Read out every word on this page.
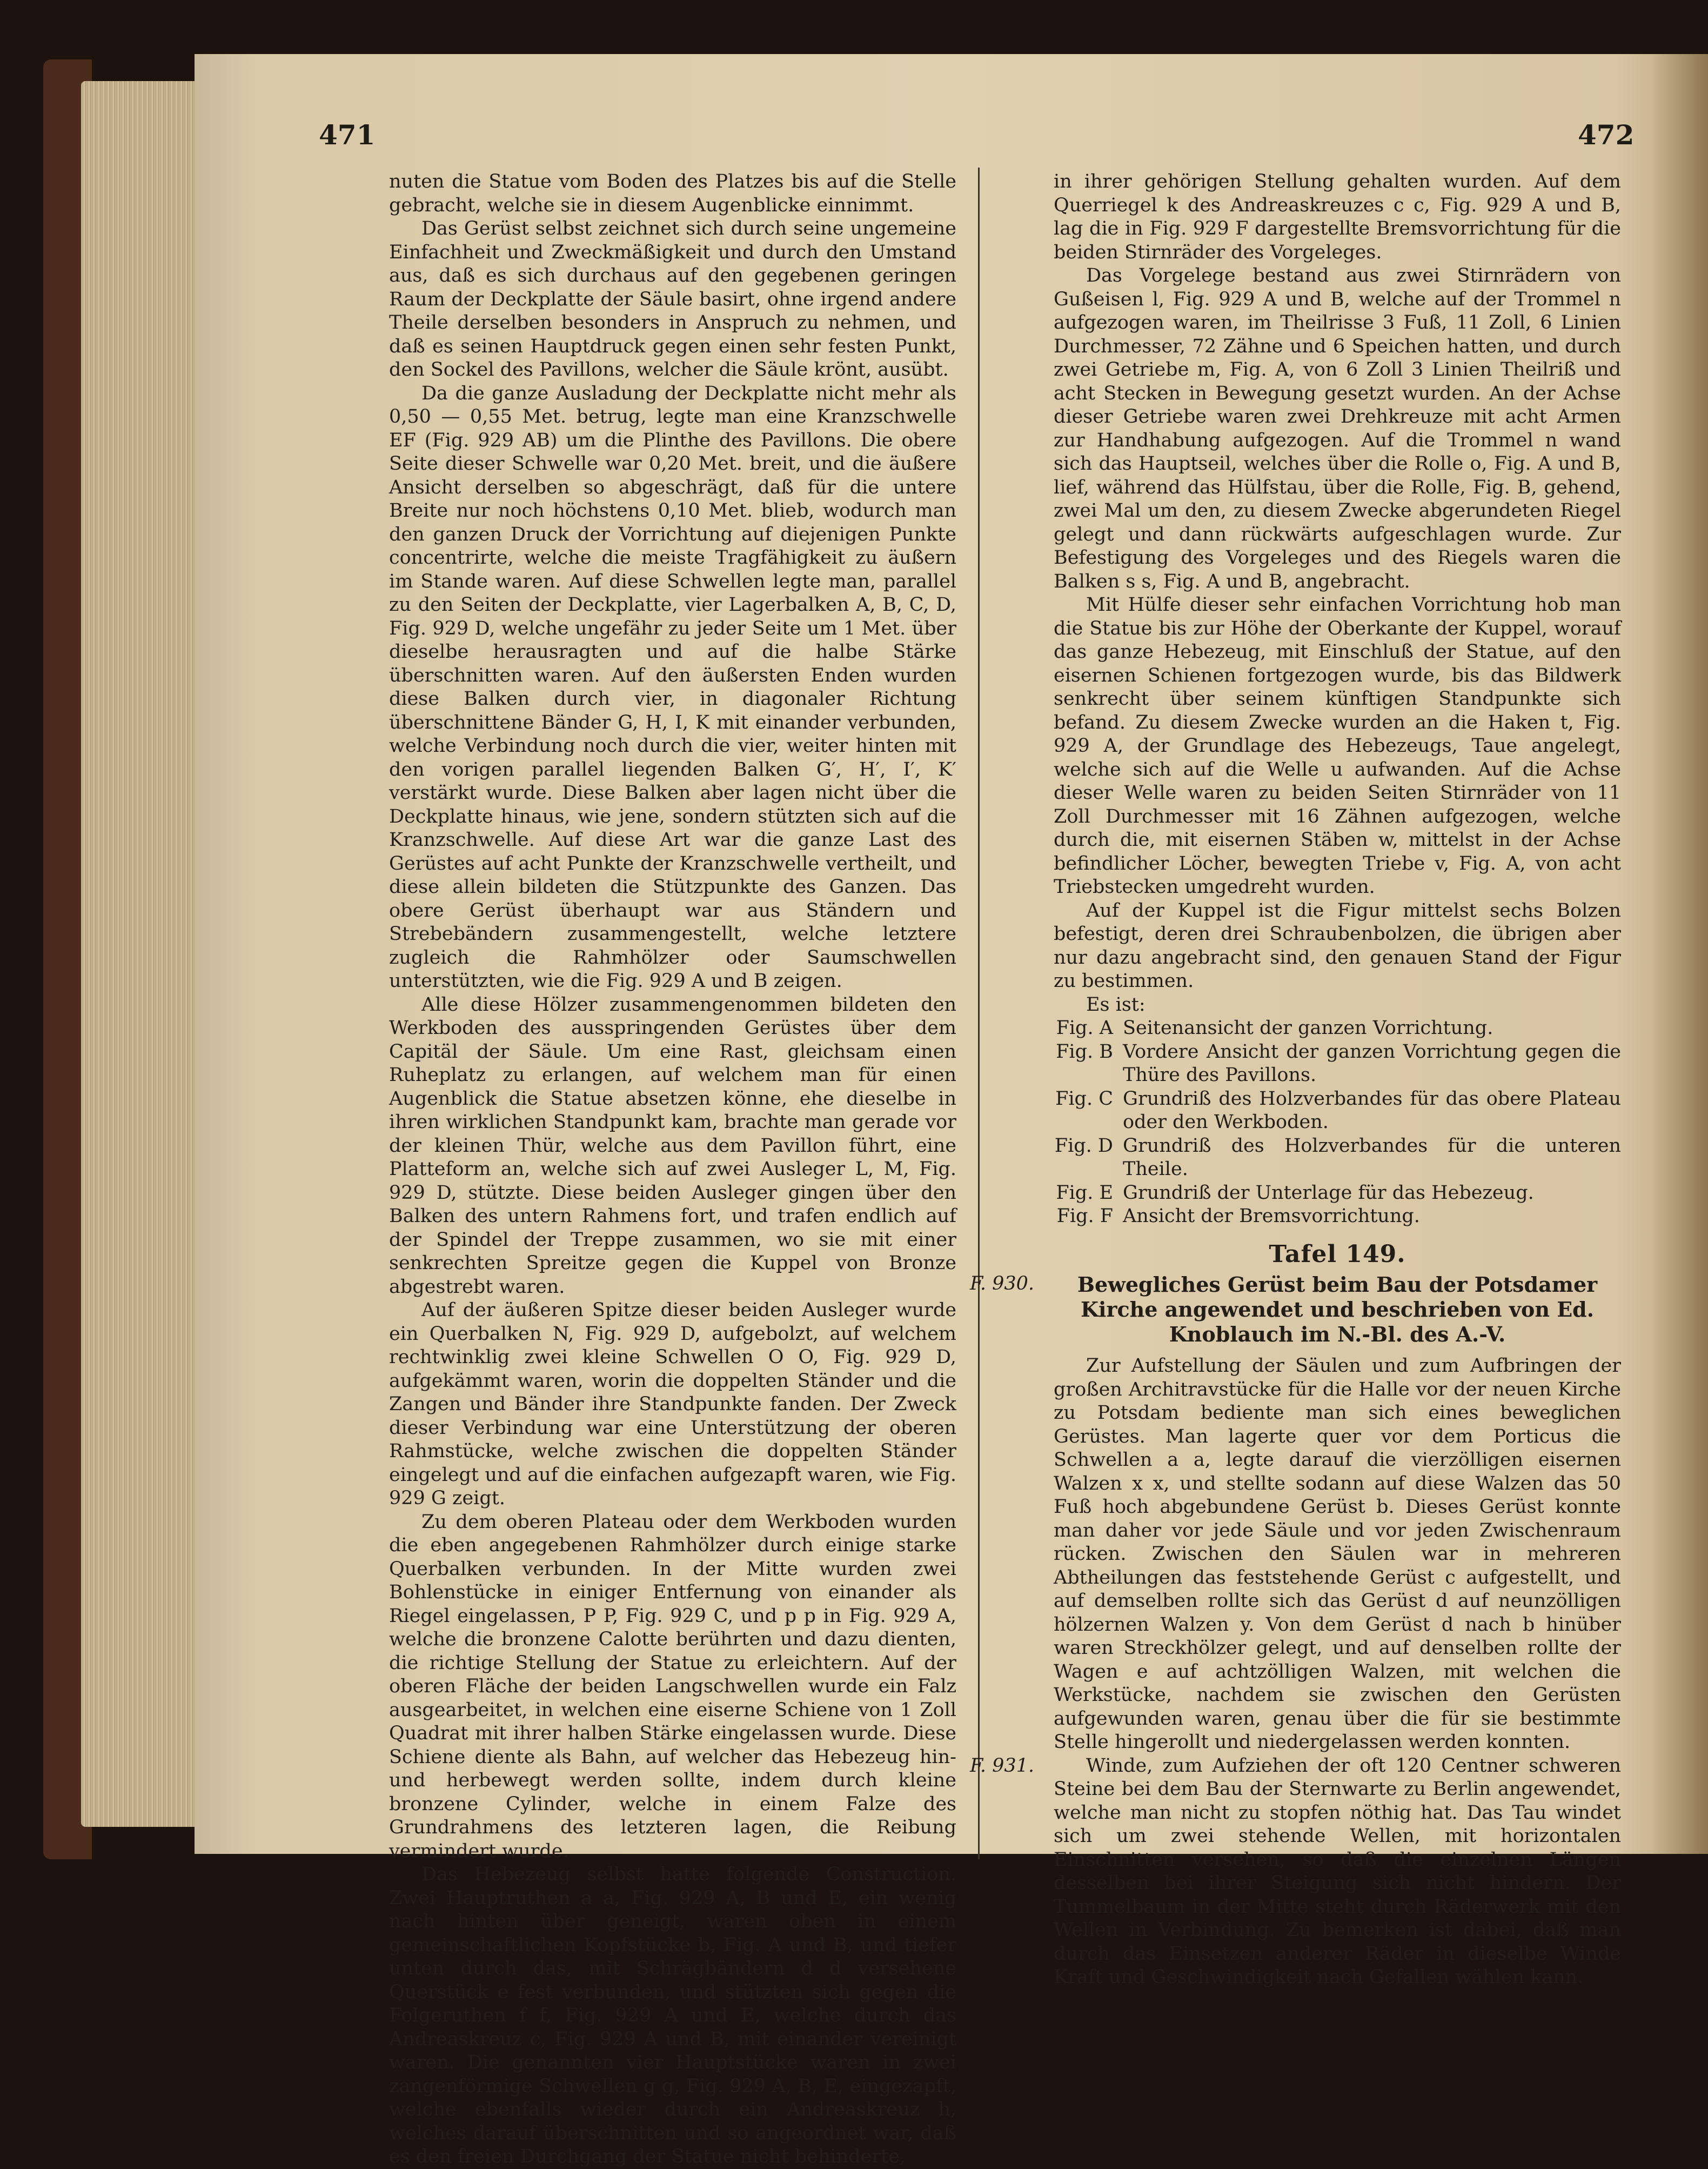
471	472

nuten die Statue vom Boden des Platzes bis auf die Stelle gebracht, welche sie in diesem Augenblicke einnimmt.

Das Gerüst selbst zeichnet sich durch seine ungemeine Einfachheit und Zweckmäßigkeit und durch den Umstand aus, daß es sich durchaus auf den gegebenen geringen Raum der Deckplatte der Säule basirt, ohne irgend andere Theile derselben besonders in Anspruch zu nehmen, und daß es seinen Hauptdruck gegen einen sehr festen Punkt, den Sockel des Pavillons, welcher die Säule krönt, ausübt.

Da die ganze Ausladung der Deckplatte nicht mehr als 0,50 — 0,55 Met. betrug, legte man eine Kranzschwelle EF (Fig. 929 AB) um die Plinthe des Pavillons. Die obere Seite dieser Schwelle war 0,20 Met. breit, und die äußere Ansicht derselben so abgeschrägt, daß für die untere Breite nur noch höchstens 0,10 Met. blieb, wodurch man den ganzen Druck der Vorrichtung auf diejenigen Punkte concentrirte, welche die meiste Tragfähigkeit zu äußern im Stande waren. Auf diese Schwellen legte man, parallel zu den Seiten der Deckplatte, vier Lagerbalken A, B, C, D, Fig. 929 D, welche ungefähr zu jeder Seite um 1 Met. über dieselbe herausragten und auf die halbe Stärke überschnitten waren. Auf den äußersten Enden wurden diese Balken durch vier, in diagonaler Richtung überschnittene Bänder G, H, I, K mit einander verbunden, welche Verbindung noch durch die vier, weiter hinten mit den vorigen parallel liegenden Balken G′, H′, I′, K′ verstärkt wurde. Diese Balken aber lagen nicht über die Deckplatte hinaus, wie jene, sondern stützten sich auf die Kranzschwelle. Auf diese Art war die ganze Last des Gerüstes auf acht Punkte der Kranzschwelle vertheilt, und diese allein bildeten die Stützpunkte des Ganzen. Das obere Gerüst überhaupt war aus Ständern und Strebebändern zusammengestellt, welche letztere zugleich die Rahmhölzer oder Saumschwellen unterstützten, wie die Fig. 929 A und B zeigen.

Alle diese Hölzer zusammengenommen bildeten den Werkboden des ausspringenden Gerüstes über dem Capitäl der Säule. Um eine Rast, gleichsam einen Ruheplatz zu erlangen, auf welchem man für einen Augenblick die Statue absetzen könne, ehe dieselbe in ihren wirklichen Standpunkt kam, brachte man gerade vor der kleinen Thür, welche aus dem Pavillon führt, eine Platteform an, welche sich auf zwei Ausleger L, M, Fig. 929 D, stützte. Diese beiden Ausleger gingen über den Balken des untern Rahmens fort, und trafen endlich auf der Spindel der Treppe zusammen, wo sie mit einer senkrechten Spreitze gegen die Kuppel von Bronze abgestrebt waren.

Auf der äußeren Spitze dieser beiden Ausleger wurde ein Querbalken N, Fig. 929 D, aufgebolzt, auf welchem rechtwinklig zwei kleine Schwellen O O, Fig. 929 D, aufgekämmt waren, worin die doppelten Ständer und die Zangen und Bänder ihre Standpunkte fanden. Der Zweck dieser Verbindung war eine Unterstützung der oberen Rahmstücke, welche zwischen die doppelten Ständer eingelegt und auf die einfachen aufgezapft waren, wie Fig. 929 G zeigt.

Zu dem oberen Plateau oder dem Werkboden wurden die eben angegebenen Rahmhölzer durch einige starke Querbalken verbunden. In der Mitte wurden zwei Bohlenstücke in einiger Entfernung von einander als Riegel eingelassen, P P, Fig. 929 C, und p p in Fig. 929 A, welche die bronzene Calotte berührten und dazu dienten, die richtige Stellung der Statue zu erleichtern. Auf der oberen Fläche der beiden Langschwellen wurde ein Falz ausgearbeitet, in welchen eine eiserne Schiene von 1 Zoll Quadrat mit ihrer halben Stärke eingelassen wurde. Diese Schiene diente als Bahn, auf welcher das Hebezeug hin- und herbewegt werden sollte, indem durch kleine bronzene Cylinder, welche in einem Falze des Grundrahmens des letzteren lagen, die Reibung vermindert wurde.

Das Hebezeug selbst hatte folgende Construction. Zwei Hauptruthen a a, Fig. 929 A, B und E, ein wenig nach hinten über geneigt, waren oben in einem gemeinschaftlichen Kopfstücke b, Fig. A und B, und tiefer unten durch das, mit Schrägbändern d d versehene Querstück e fest verbunden, und stützten sich gegen die Folgeruthen f f, Fig. 929 A und E, welche durch das Andreaskreuz c, Fig. 929 A und B, mit einander vereinigt waren. Die genannten vier Hauptstücke waren in zwei zangenförmige Schwellen g g, Fig. 929 A, B, E, eingezapft, welche ebenfalls wieder durch ein Andreaskreuz h, welches darauf überschnitten und so angeordnet war, daß es den freien Durchgang der Statue nicht behinderte,

in ihrer gehörigen Stellung gehalten wurden. Auf dem Querriegel k des Andreaskreuzes c c, Fig. 929 A und B, lag die in Fig. 929 F dargestellte Bremsvorrichtung für die beiden Stirnräder des Vorgeleges.

Das Vorgelege bestand aus zwei Stirnrädern von Gußeisen l, Fig. 929 A und B, welche auf der Trommel n aufgezogen waren, im Theilrisse 3 Fuß, 11 Zoll, 6 Linien Durchmesser, 72 Zähne und 6 Speichen hatten, und durch zwei Getriebe m, Fig. A, von 6 Zoll 3 Linien Theilriß und acht Stecken in Bewegung gesetzt wurden. An der Achse dieser Getriebe waren zwei Drehkreuze mit acht Armen zur Handhabung aufgezogen. Auf die Trommel n wand sich das Hauptseil, welches über die Rolle o, Fig. A und B, lief, während das Hülfstau, über die Rolle, Fig. B, gehend, zwei Mal um den, zu diesem Zwecke abgerundeten Riegel gelegt und dann rückwärts aufgeschlagen wurde. Zur Befestigung des Vorgeleges und des Riegels waren die Balken s s, Fig. A und B, angebracht.

Mit Hülfe dieser sehr einfachen Vorrichtung hob man die Statue bis zur Höhe der Oberkante der Kuppel, worauf das ganze Hebezeug, mit Einschluß der Statue, auf den eisernen Schienen fortgezogen wurde, bis das Bildwerk senkrecht über seinem künftigen Standpunkte sich befand. Zu diesem Zwecke wurden an die Haken t, Fig. 929 A, der Grundlage des Hebezeugs, Taue angelegt, welche sich auf die Welle u aufwanden. Auf die Achse dieser Welle waren zu beiden Seiten Stirnräder von 11 Zoll Durchmesser mit 16 Zähnen aufgezogen, welche durch die, mit eisernen Stäben w, mittelst in der Achse befindlicher Löcher, bewegten Triebe v, Fig. A, von acht Triebstecken umgedreht wurden.

Auf der Kuppel ist die Figur mittelst sechs Bolzen befestigt, deren drei Schraubenbolzen, die übrigen aber nur dazu angebracht sind, den genauen Stand der Figur zu bestimmen.

Es ist:

Fig. A Seitenansicht der ganzen Vorrichtung.
Fig. B Vordere Ansicht der ganzen Vorrichtung gegen die Thüre des Pavillons.
Fig. C Grundriß des Holzverbandes für das obere Plateau oder den Werkboden.
Fig. D Grundriß des Holzverbandes für die unteren Theile.
Fig. E Grundriß der Unterlage für das Hebezeug.
Fig. F Ansicht der Bremsvorrichtung.
Tafel 149.
F. 930.	Bewegliches Gerüst beim Bau der Potsdamer Kirche angewendet und beschrieben von Ed. Knoblauch im N.-Bl. des A.-V.

Zur Aufstellung der Säulen und zum Aufbringen der großen Architravstücke für die Halle vor der neuen Kirche zu Potsdam bediente man sich eines beweglichen Gerüstes. Man lagerte quer vor dem Porticus die Schwellen a a, legte darauf die vierzölligen eisernen Walzen x x, und stellte sodann auf diese Walzen das 50 Fuß hoch abgebundene Gerüst b. Dieses Gerüst konnte man daher vor jede Säule und vor jeden Zwischenraum rücken. Zwischen den Säulen war in mehreren Abtheilungen das feststehende Gerüst c aufgestellt, und auf demselben rollte sich das Gerüst d auf neunzölligen hölzernen Walzen y. Von dem Gerüst d nach b hinüber waren Streckhölzer gelegt, und auf denselben rollte der Wagen e auf achtzölligen Walzen, mit welchen die Werkstücke, nachdem sie zwischen den Gerüsten aufgewunden waren, genau über die für sie bestimmte Stelle hingerollt und niedergelassen werden konnten.

F. 931.	Winde, zum Aufziehen der oft 120 Centner schweren Steine bei dem Bau der Sternwarte zu Berlin angewendet, welche man nicht zu stopfen nöthig hat. Das Tau windet sich um zwei stehende Wellen, mit horizontalen Einschnitten versehen, so daß die einzelnen Längen desselben bei ihrer Steigung sich nicht hindern. Der Tummelbaum in der Mitte steht durch Räderwerk mit den Wellen in Verbindung. Zu bemerken ist dabei, daß man durch das Einsetzen anderer Räder in dieselbe Winde Kraft und Geschwindigkeit nach Gefallen wählen kann.
